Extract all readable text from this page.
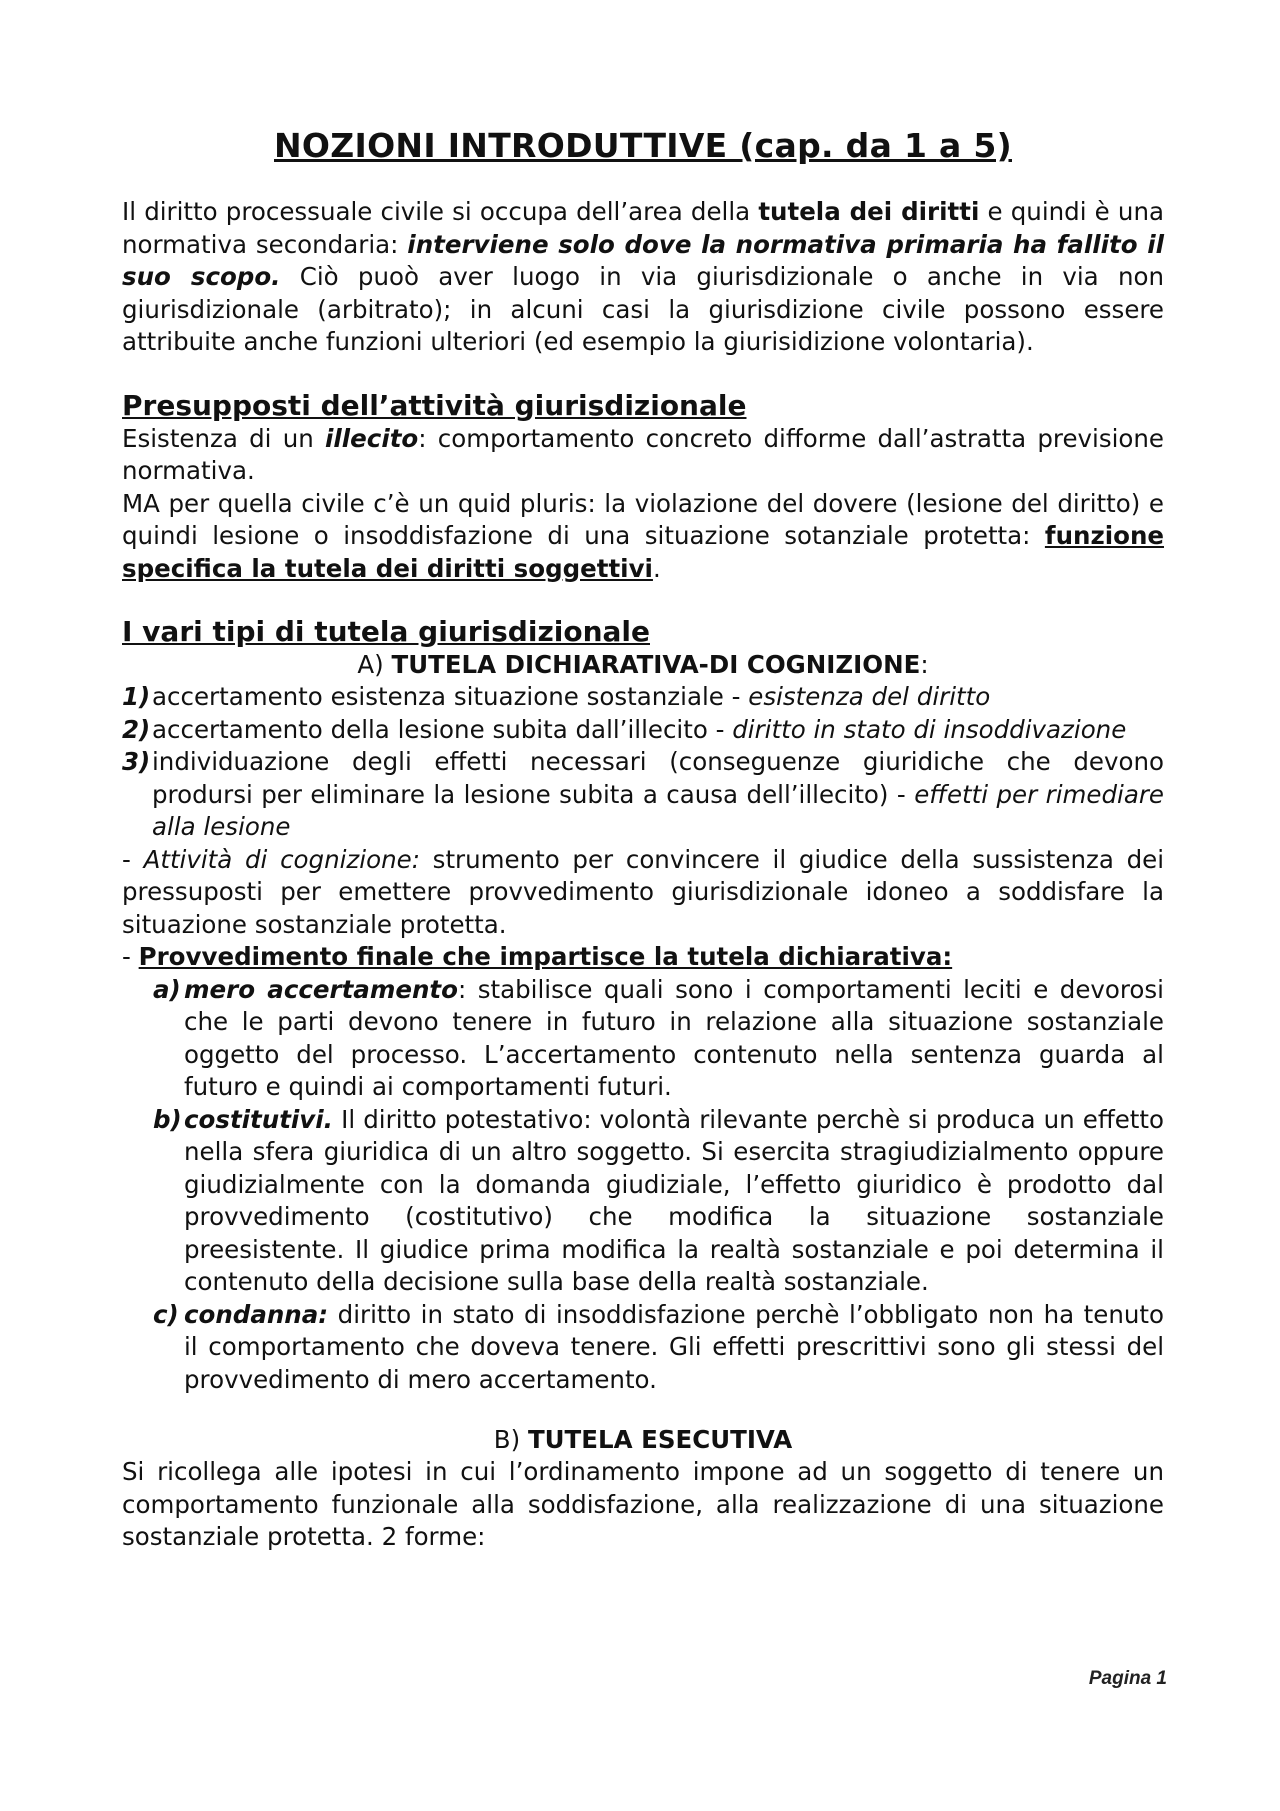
NOZIONI INTRODUTTIVE (cap. da 1 a 5)

Il diritto processuale civile si occupa dell’area della tutela dei diritti e quindi è una normativa secondaria: interviene solo dove la normativa primaria ha fallito il suo scopo. Ciò puoò aver luogo in via giurisdizionale o anche in via non giurisdizionale (arbitrato); in alcuni casi la giurisdizione civile possono essere attribuite anche funzioni ulteriori (ed esempio la giurisidizione volontaria).

Presupposti dell’attività giurisdizionale

Esistenza di un illecito: comportamento concreto difforme dall’astratta previsione normativa.

MA per quella civile c’è un quid pluris: la violazione del dovere (lesione del diritto) e quindi lesione o insoddisfazione di una situazione sotanziale protetta: funzione specifica la tutela dei diritti soggettivi.

I vari tipi di tutela giurisdizionale

A) TUTELA DICHIARATIVA-DI COGNIZIONE:

1) accertamento esistenza situazione sostanziale - esistenza del diritto

2) accertamento della lesione subita dall’illecito - diritto in stato di insoddivazione

3) individuazione degli effetti necessari (conseguenze giuridiche che devono prodursi per eliminare la lesione subita a causa dell’illecito) - effetti per rimediare alla lesione

- Attività di cognizione: strumento per convincere il giudice della sussistenza dei pressuposti per emettere provvedimento giurisdizionale idoneo a soddisfare la situazione sostanziale protetta.

- Provvedimento finale che impartisce la tutela dichiarativa:

a) mero accertamento: stabilisce quali sono i comportamenti leciti e devorosi che le parti devono tenere in futuro in relazione alla situazione sostanziale oggetto del processo. L’accertamento contenuto nella sentenza guarda al futuro e quindi ai comportamenti futuri.

b) costitutivi. Il diritto potestativo: volontà rilevante perchè si produca un effetto nella sfera giuridica di un altro soggetto. Si esercita stragiudizialmento oppure giudizialmente con la domanda giudiziale, l’effetto giuridico è prodotto dal provvedimento (costitutivo) che modifica la situazione sostanziale preesistente. Il giudice prima modifica la realtà sostanziale e poi determina il contenuto della decisione sulla base della realtà sostanziale.

c) condanna: diritto in stato di insoddisfazione perchè l’obbligato non ha tenuto il comportamento che doveva tenere. Gli effetti prescrittivi sono gli stessi del provvedimento di mero accertamento.

B) TUTELA ESECUTIVA

Si ricollega alle ipotesi in cui l’ordinamento impone ad un soggetto di tenere un comportamento funzionale alla soddisfazione, alla realizzazione di una situazione sostanziale protetta. 2 forme:

Pagina 1
